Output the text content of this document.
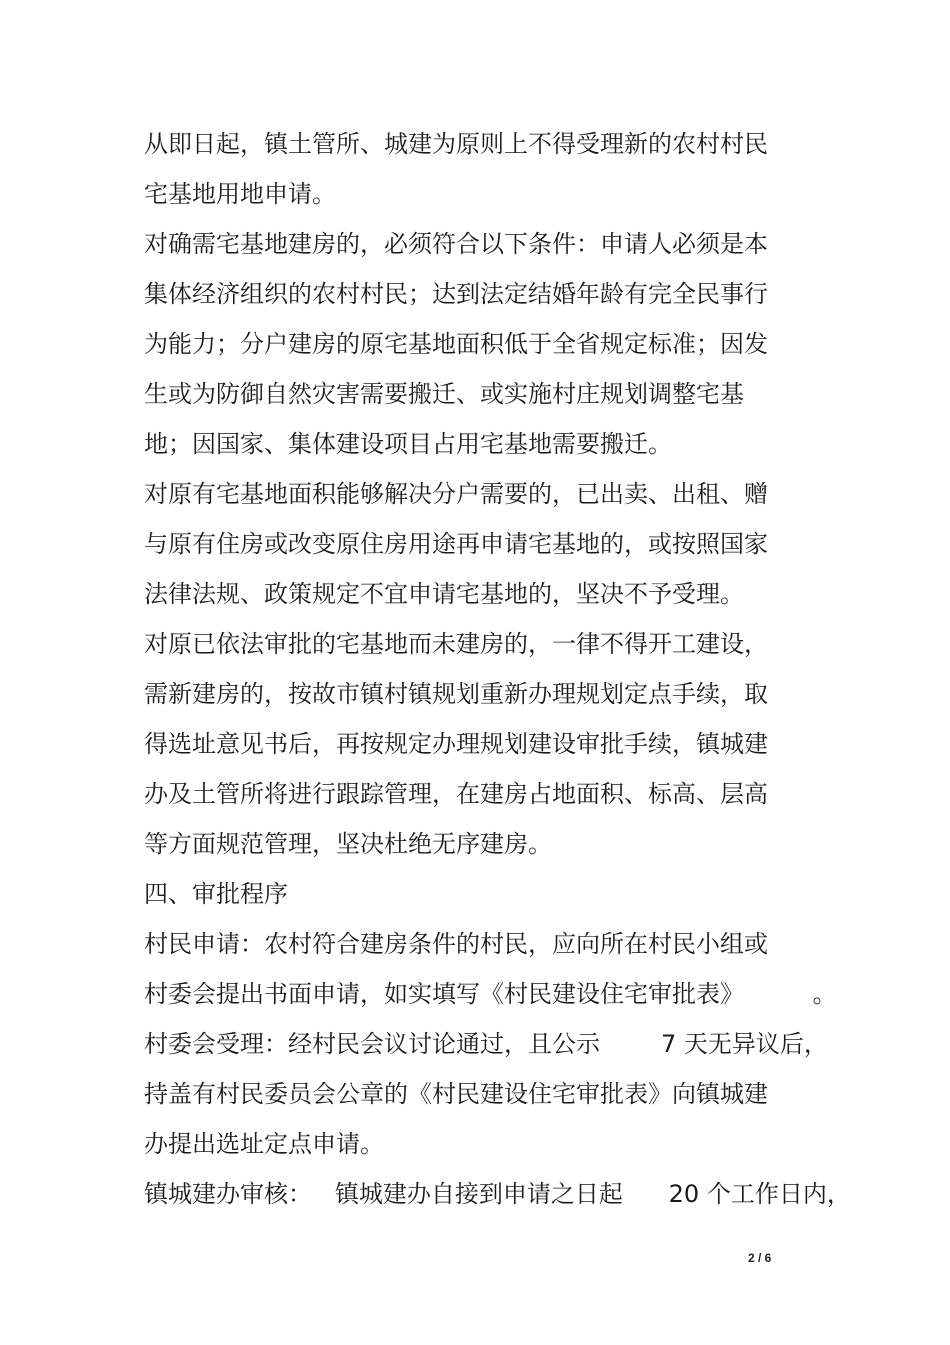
从即日起，镇土管所、城建为原则上不得受理新的农村村民
宅基地用地申请。
对确需宅基地建房的，必须符合以下条件：申请人必须是本
集体经济组织的农村村民；达到法定结婚年龄有完全民事行
为能力；分户建房的原宅基地面积低于全省规定标准；因发
生或为防御自然灾害需要搬迁、或实施村庄规划调整宅基
地；因国家、集体建设项目占用宅基地需要搬迁。
对原有宅基地面积能够解决分户需要的，已出卖、出租、赠
与原有住房或改变原住房用途再申请宅基地的，或按照国家
法律法规、政策规定不宜申请宅基地的，坚决不予受理。
对原已依法审批的宅基地而未建房的，一律不得开工建设，
需新建房的，按故市镇村镇规划重新办理规划定点手续，取
得选址意见书后，再按规定办理规划建设审批手续，镇城建
办及土管所将进行跟踪管理，在建房占地面积、标高、层高
等方面规范管理，坚决杜绝无序建房。
四、审批程序
村民申请：农村符合建房条件的村民，应向所在村民小组或
村委会提出书面申请，如实填写《村民建设住宅审批表》         。
村委会受理：经村民会议讨论通过，且公示        7 天无异议后，
持盖有村民委员会公章的《村民建设住宅审批表》向镇城建
办提出选址定点申请。
镇城建办审核：   镇城建办自接到申请之日起      20 个工作日内，
2 / 6
